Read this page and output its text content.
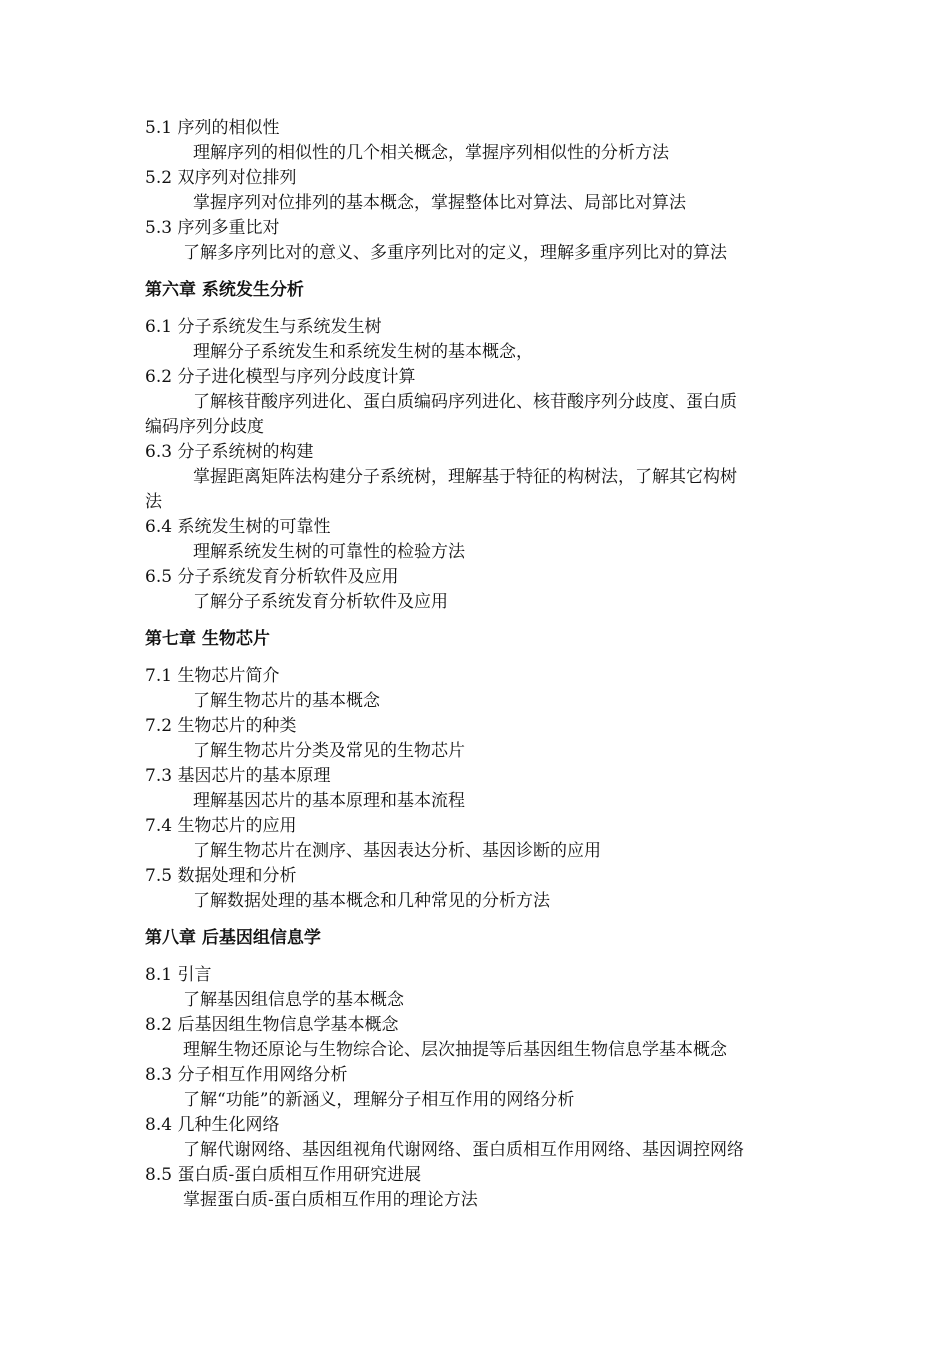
5.1 序列的相似性
理解序列的相似性的几个相关概念，掌握序列相似性的分析方法
5.2 双序列对位排列
掌握序列对位排列的基本概念，掌握整体比对算法、局部比对算法
5.3 序列多重比对
了解多序列比对的意义、多重序列比对的定义，理解多重序列比对的算法
第六章 系统发生分析
6.1 分子系统发生与系统发生树
理解分子系统发生和系统发生树的基本概念，
6.2 分子进化模型与序列分歧度计算
了解核苷酸序列进化、蛋白质编码序列进化、核苷酸序列分歧度、蛋白质
编码序列分歧度
6.3 分子系统树的构建
掌握距离矩阵法构建分子系统树，理解基于特征的构树法，了解其它构树
法
6.4 系统发生树的可靠性
理解系统发生树的可靠性的检验方法
6.5 分子系统发育分析软件及应用
了解分子系统发育分析软件及应用
第七章 生物芯片
7.1 生物芯片简介
了解生物芯片的基本概念
7.2 生物芯片的种类
了解生物芯片分类及常见的生物芯片
7.3 基因芯片的基本原理
理解基因芯片的基本原理和基本流程
7.4 生物芯片的应用
了解生物芯片在测序、基因表达分析、基因诊断的应用
7.5 数据处理和分析
了解数据处理的基本概念和几种常见的分析方法
第八章 后基因组信息学
8.1 引言
了解基因组信息学的基本概念
8.2 后基因组生物信息学基本概念
理解生物还原论与生物综合论、层次抽提等后基因组生物信息学基本概念
8.3 分子相互作用网络分析
了解“功能”的新涵义，理解分子相互作用的网络分析
8.4 几种生化网络
了解代谢网络、基因组视角代谢网络、蛋白质相互作用网络、基因调控网络
8.5 蛋白质-蛋白质相互作用研究进展
掌握蛋白质-蛋白质相互作用的理论方法
